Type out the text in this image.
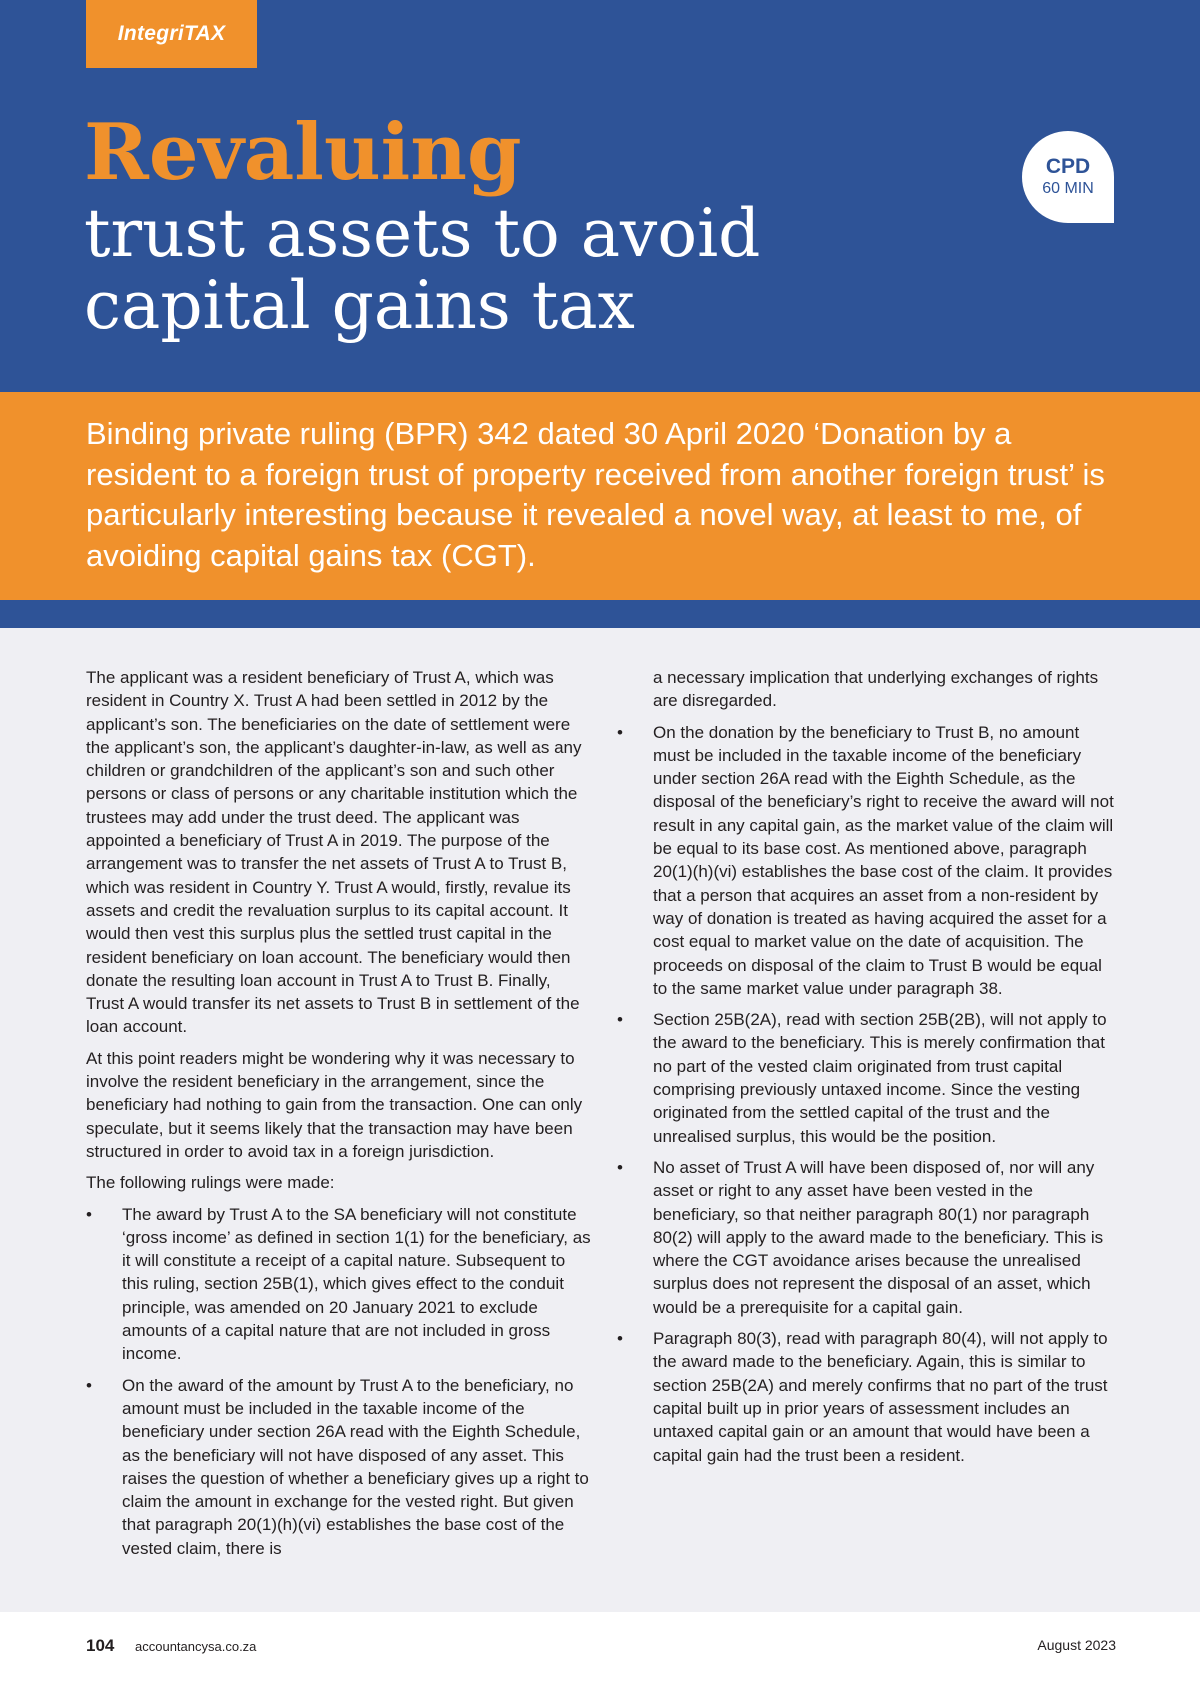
IntegriTAX
Revaluing
trust assets to avoid capital gains tax
CPD
60 MIN

Binding private ruling (BPR) 342 dated 30 April 2020 ‘Donation by a resident to a foreign trust of property received from another foreign trust’ is particularly interesting because it revealed a novel way, at least to me, of avoiding capital gains tax (CGT).

The applicant was a resident beneficiary of Trust A, which was resident in Country X. Trust A had been settled in 2012 by the applicant’s son. The beneficiaries on the date of settlement were the applicant’s son, the applicant’s daughter-in-law, as well as any children or grandchildren of the applicant’s son and such other persons or class of persons or any charitable institution which the trustees may add under the trust deed. The applicant was appointed a beneficiary of Trust A in 2019. The purpose of the arrangement was to transfer the net assets of Trust A to Trust B, which was resident in Country Y. Trust A would, firstly, revalue its assets and credit the revaluation surplus to its capital account. It would then vest this surplus plus the settled trust capital in the resident beneficiary on loan account. The beneficiary would then donate the resulting loan account in Trust A to Trust B. Finally, Trust A would transfer its net assets to Trust B in settlement of the loan account.

At this point readers might be wondering why it was necessary to involve the resident beneficiary in the arrangement, since the beneficiary had nothing to gain from the transaction. One can only speculate, but it seems likely that the transaction may have been structured in order to avoid tax in a foreign jurisdiction.

The following rulings were made:

• The award by Trust A to the SA beneficiary will not constitute ‘gross income’ as defined in section 1(1) for the beneficiary, as it will constitute a receipt of a capital nature. Subsequent to this ruling, section 25B(1), which gives effect to the conduit principle, was amended on 20 January 2021 to exclude amounts of a capital nature that are not included in gross income.
• On the award of the amount by Trust A to the beneficiary, no amount must be included in the taxable income of the beneficiary under section 26A read with the Eighth Schedule, as the beneficiary will not have disposed of any asset. This raises the question of whether a beneficiary gives up a right to claim the amount in exchange for the vested right. But given that paragraph 20(1)(h)(vi) establishes the base cost of the vested claim, there is

a necessary implication that underlying exchanges of rights are disregarded.

• On the donation by the beneficiary to Trust B, no amount must be included in the taxable income of the beneficiary under section 26A read with the Eighth Schedule, as the disposal of the beneficiary’s right to receive the award will not result in any capital gain, as the market value of the claim will be equal to its base cost. As mentioned above, paragraph 20(1)(h)(vi) establishes the base cost of the claim. It provides that a person that acquires an asset from a non-resident by way of donation is treated as having acquired the asset for a cost equal to market value on the date of acquisition. The proceeds on disposal of the claim to Trust B would be equal to the same market value under paragraph 38.
• Section 25B(2A), read with section 25B(2B), will not apply to the award to the beneficiary. This is merely confirmation that no part of the vested claim originated from trust capital comprising previously untaxed income. Since the vesting originated from the settled capital of the trust and the unrealised surplus, this would be the position.
• No asset of Trust A will have been disposed of, nor will any asset or right to any asset have been vested in the beneficiary, so that neither paragraph 80(1) nor paragraph 80(2) will apply to the award made to the beneficiary. This is where the CGT avoidance arises because the unrealised surplus does not represent the disposal of an asset, which would be a prerequisite for a capital gain.
• Paragraph 80(3), read with paragraph 80(4), will not apply to the award made to the beneficiary. Again, this is similar to section 25B(2A) and merely confirms that no part of the trust capital built up in prior years of assessment includes an untaxed capital gain or an amount that would have been a capital gain had the trust been a resident.
104 accountancysa.co.za	August 2023
